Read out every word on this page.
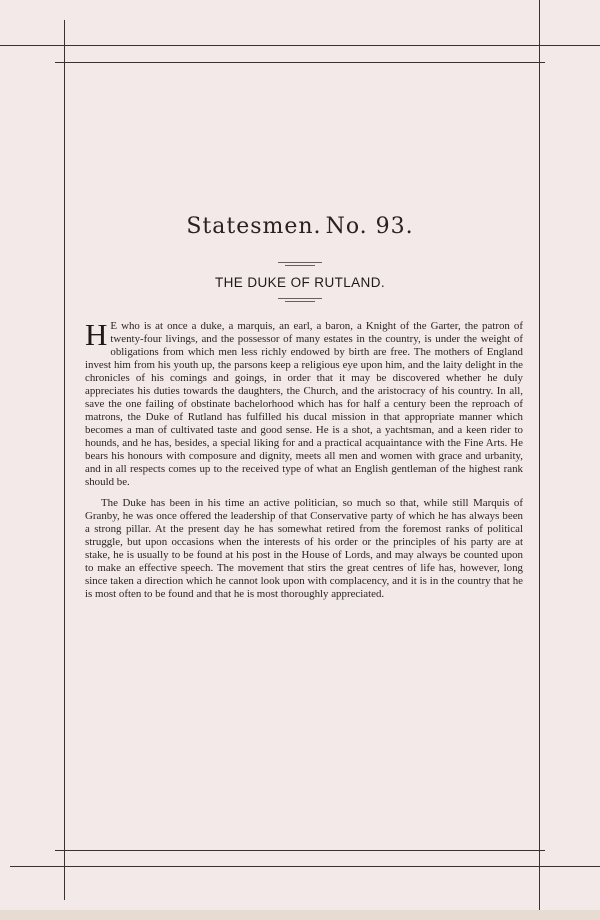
Statesmen. No. 93.
THE DUKE OF RUTLAND.

H E who is at once a duke, a marquis, an earl, a baron, a Knight of the Garter, the patron of twenty-four livings, and the possessor of many estates in the country, is under the weight of obligations from which men less richly endowed by birth are free. The mothers of England invest him from his youth up, the parsons keep a religious eye upon him, and the laity delight in the chronicles of his comings and goings, in order that it may be discovered whether he duly appreciates his duties towards the daughters, the Church, and the aristocracy of his country. In all, save the one failing of obstinate bachelorhood which has for half a century been the reproach of matrons, the Duke of Rutland has fulfilled his ducal mission in that appropriate manner which becomes a man of cultivated taste and good sense. He is a shot, a yachtsman, and a keen rider to hounds, and he has, besides, a special liking for and a practical acquaintance with the Fine Arts. He bears his honours with composure and dignity, meets all men and women with grace and urbanity, and in all respects comes up to the received type of what an English gentleman of the highest rank should be.

The Duke has been in his time an active politician, so much so that, while still Marquis of Granby, he was once offered the leadership of that Conservative party of which he has always been a strong pillar. At the present day he has somewhat retired from the foremost ranks of political struggle, but upon occasions when the interests of his order or the principles of his party are at stake, he is usually to be found at his post in the House of Lords, and may always be counted upon to make an effective speech. The movement that stirs the great centres of life has, however, long since taken a direction which he cannot look upon with complacency, and it is in the country that he is most often to be found and that he is most thoroughly appreciated.
